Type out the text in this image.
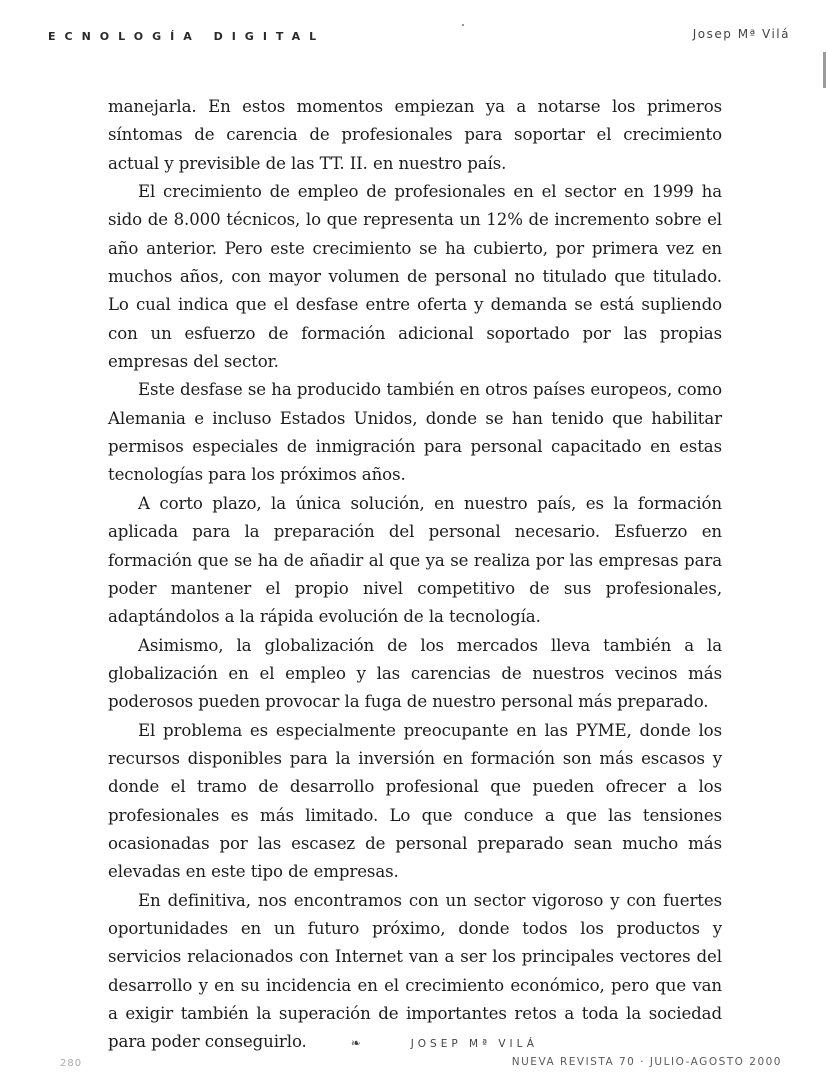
ECNOLOGÍA DIGITAL	Josep Mª Vilá

manejarla. En estos momentos empiezan ya a notarse los primeros síntomas de carencia de profesionales para soportar el crecimiento actual y previsible de las TT. II. en nuestro país.

El crecimiento de empleo de profesionales en el sector en 1999 ha sido de 8.000 técnicos, lo que representa un 12% de incremento sobre el año anterior. Pero este crecimiento se ha cubierto, por primera vez en muchos años, con mayor volumen de personal no titulado que titulado. Lo cual indica que el desfase entre oferta y demanda se está supliendo con un esfuerzo de formación adicional soportado por las propias empresas del sector.

Este desfase se ha producido también en otros países europeos, como Alemania e incluso Estados Unidos, donde se han tenido que habilitar permisos especiales de inmigración para personal capacitado en estas tecnologías para los próximos años.

A corto plazo, la única solución, en nuestro país, es la formación aplicada para la preparación del personal necesario. Esfuerzo en formación que se ha de añadir al que ya se realiza por las empresas para poder mantener el propio nivel competitivo de sus profesionales, adaptándolos a la rápida evolución de la tecnología.

Asimismo, la globalización de los mercados lleva también a la globalización en el empleo y las carencias de nuestros vecinos más poderosos pueden provocar la fuga de nuestro personal más preparado.

El problema es especialmente preocupante en las PYME, donde los recursos disponibles para la inversión en formación son más escasos y donde el tramo de desarrollo profesional que pueden ofrecer a los profesionales es más limitado. Lo que conduce a que las tensiones ocasionadas por las escasez de personal preparado sean mucho más elevadas en este tipo de empresas.

En definitiva, nos encontramos con un sector vigoroso y con fuertes oportunidades en un futuro próximo, donde todos los productos y servicios relacionados con Internet van a ser los principales vectores del desarrollo y en su incidencia en el crecimiento económico, pero que van a exigir también la superación de importantes retos a toda la sociedad para poder conseguirlo.	❧	JOSEP Mª VILÁ

280	NUEVA REVISTA 70 · JULIO-AGOSTO 2000
